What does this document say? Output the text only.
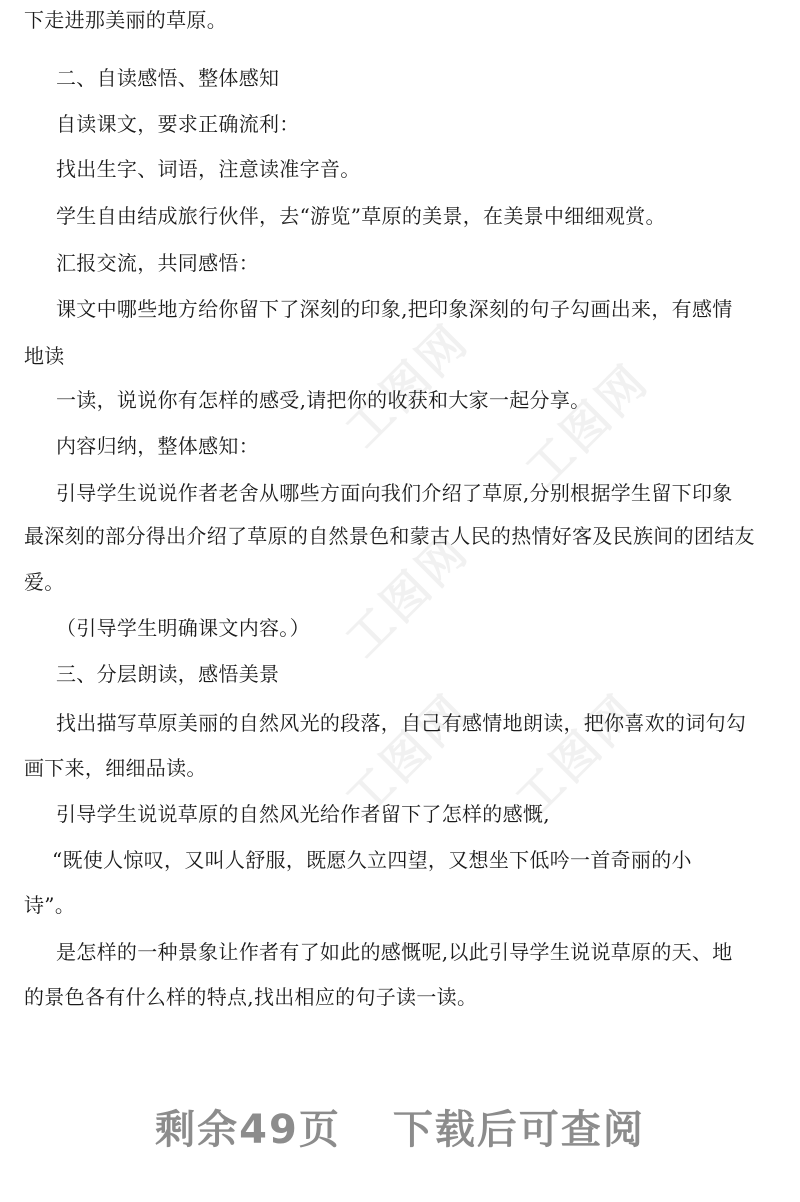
工图网 工图网
工图网
工图网 工图网
下走进那美丽的草原。
二、自读感悟、整体感知
自读课文，要求正确流利：
找出生字、词语，注意读准字音。
学生自由结成旅行伙伴，去“游览”草原的美景，在美景中细细观赏。
汇报交流，共同感悟：
课文中哪些地方给你留下了深刻的印象,把印象深刻的句子勾画出来，有感情
地读
一读，说说你有怎样的感受,请把你的收获和大家一起分享。
内容归纳，整体感知：
引导学生说说作者老舍从哪些方面向我们介绍了草原,分别根据学生留下印象
最深刻的部分得出介绍了草原的自然景色和蒙古人民的热情好客及民族间的团结友
爱。
（引导学生明确课文内容。）
三、分层朗读，感悟美景
找出描写草原美丽的自然风光的段落，自己有感情地朗读，把你喜欢的词句勾
画下来，细细品读。
引导学生说说草原的自然风光给作者留下了怎样的感慨,
“既使人惊叹，又叫人舒服，既愿久立四望，又想坐下低吟一首奇丽的小
诗”。
是怎样的一种景象让作者有了如此的感慨呢,以此引导学生说说草原的天、地
的景色各有什么样的特点,找出相应的句子读一读。
剩余49页 下载后可查阅
